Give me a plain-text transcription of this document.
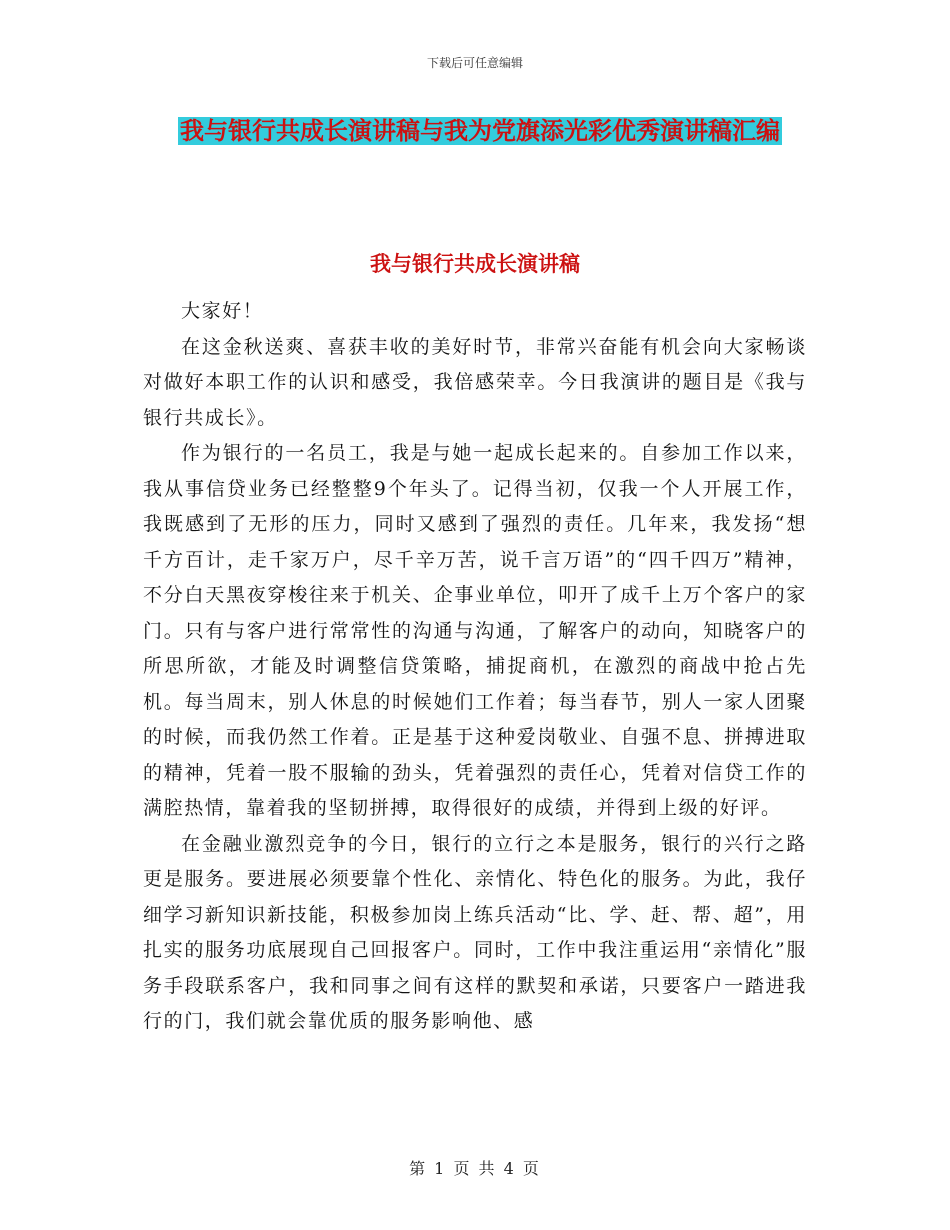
下载后可任意编辑
我与银行共成长演讲稿与我为党旗添光彩优秀演讲稿汇编
我与银行共成长演讲稿

大家好！

在这金秋送爽、喜获丰收的美好时节，非常兴奋能有机会向大家畅谈对做好本职工作的认识和感受，我倍感荣幸。今日我演讲的题目是《我与银行共成长》。

作为银行的一名员工，我是与她一起成长起来的。自参加工作以来，我从事信贷业务已经整整9个年头了。记得当初，仅我一个人开展工作，我既感到了无形的压力，同时又感到了强烈的责任。几年来，我发扬“想千方百计，走千家万户，尽千辛万苦，说千言万语”的“四千四万”精神，不分白天黑夜穿梭往来于机关、企事业单位，叩开了成千上万个客户的家门。只有与客户进行常常性的沟通与沟通，了解客户的动向，知晓客户的所思所欲，才能及时调整信贷策略，捕捉商机，在激烈的商战中抢占先机。每当周末，别人休息的时候她们工作着；每当春节，别人一家人团聚的时候，而我仍然工作着。正是基于这种爱岗敬业、自强不息、拼搏进取的精神，凭着一股不服输的劲头，凭着强烈的责任心，凭着对信贷工作的满腔热情，靠着我的坚韧拼搏，取得很好的成绩，并得到上级的好评。

在金融业激烈竞争的今日，银行的立行之本是服务，银行的兴行之路更是服务。要进展必须要靠个性化、亲情化、特色化的服务。为此，我仔细学习新知识新技能，积极参加岗上练兵活动“比、学、赶、帮、超”，用扎实的服务功底展现自己回报客户。同时，工作中我注重运用“亲情化”服务手段联系客户，我和同事之间有这样的默契和承诺，只要客户一踏进我行的门，我们就会靠优质的服务影响他、感

第 1 页 共 4 页
